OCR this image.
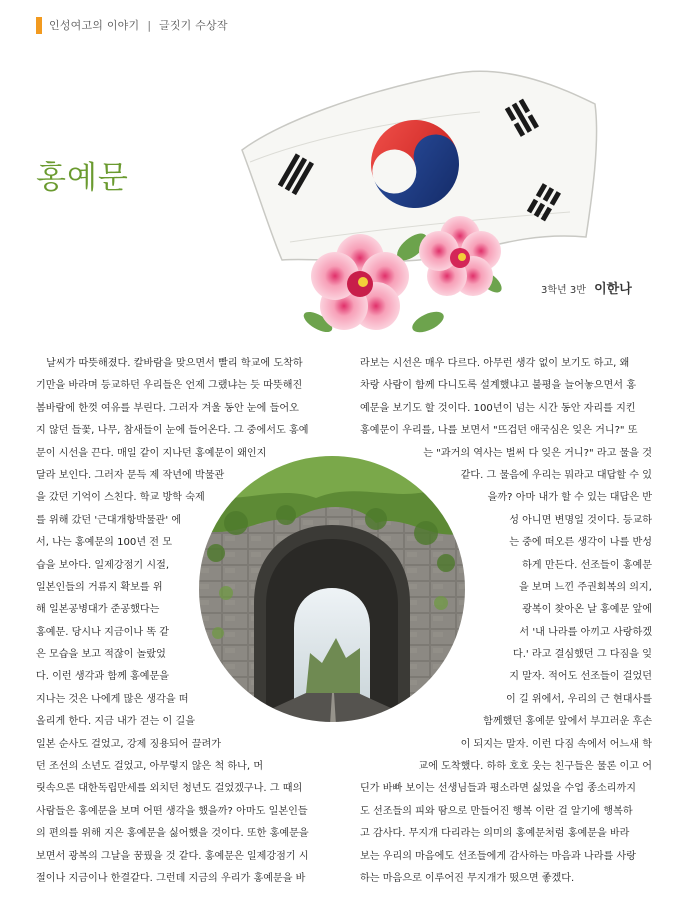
인성여고의 이야기 | 글짓기 수상작
홍예문
3학년 3반 이한나
　날씨가 따뜻해졌다. 칼바람을 맞으면서 빨리 학교에 도착하
기만을 바라며 등교하던 우리들은 언제 그랬냐는 듯 따뜻해진
봄바람에 한껏 여유를 부린다. 그러자 겨울 동안 눈에 들어오
지 않던 들꽃, 나무, 참새들이 눈에 들어온다. 그 중에서도 홍예
문이 시선을 끈다. 매일 같이 지나던 홍예문이 왜인지
달라 보인다. 그러자 문득 제 작년에 박물관
을 갔던 기억이 스친다. 학교 방학 숙제
를 위해 갔던 '근대개항박물관' 에
서, 나는 홍예문의 100년 전 모
습을 보아다. 일제강점기 시절,
일본인들의 거류지 확보를 위
해 일본공병대가 준공했다는
홍예문. 당시나 지금이나 똑 같
은 모습을 보고 적잖이 놀랐었
다. 이런 생각과 함께 홍예문을
지나는 것은 나에게 많은 생각을 떠
올리게 한다. 지금 내가 걷는 이 길을
일본 순사도 걸었고, 강제 징용되어 끌려가
던 조선의 소년도 걸었고, 아무렇지 않은 척 하나, 머
릿속으론 대한독립만세를 외치던 청년도 걸었겠구나. 그 때의
사람들은 홍예문을 보며 어떤 생각을 했을까? 아마도 일본인들
의 편의를 위해 지은 홍예문을 싫어했을 것이다. 또한 홍예문을
보면서 광복의 그날을 꿈꿨을 것 같다. 홍예문은 일제강점기 시
절이나 지금이나 한결같다. 그런데 지금의 우리가 홍예문을 바
라보는 시선은 매우 다르다. 아무런 생각 없이 보기도 하고, 왜
차랑 사람이 함께 다니도록 설계했냐고 불평을 늘어놓으면서 홍
예문을 보기도 할 것이다. 100년이 넘는 시간 동안 자리를 지킨
홍예문이 우리를, 나를 보면서 "뜨겁던 애국심은 잊은 거니?" 또
는 "과거의 역사는 벌써 다 잊은 거니?" 라고 물을 것
같다. 그 물음에 우리는 뭐라고 대답할 수 있
을까? 아마 내가 할 수 있는 대답은 반
성 아니면 변명일 것이다. 등교하
는 중에 떠오른 생각이 나를 반성
하게 만든다. 선조들이 홍예문
을 보며 느낀 주권회복의 의지,
광복이 찾아온 날 홍예문 앞에
서 '내 나라를 아끼고 사랑하겠
다.' 라고 결심했던 그 다짐을 잊
지 말자. 적어도 선조들이 걸었던
이 길 위에서, 우리의 근 현대사를
함께했던 홍예문 앞에서 부끄러운 후손
이 되지는 말자. 이런 다짐 속에서 어느새 학
교에 도착했다. 하하 호호 웃는 친구들은 물론 이고 어
딘가 바빠 보이는 선생님들과 평소라면 싫었을 수업 종소리까지
도 선조들의 피와 땀으로 만들어진 행복 이란 걸 알기에 행복하
고 감사다. 무지개 다리라는 의미의 홍예문처럼 홍예문을 바라
보는 우리의 마음에도 선조들에게 감사하는 마음과 나라를 사랑
하는 마음으로 이루어진 무지개가 떴으면 좋겠다.
